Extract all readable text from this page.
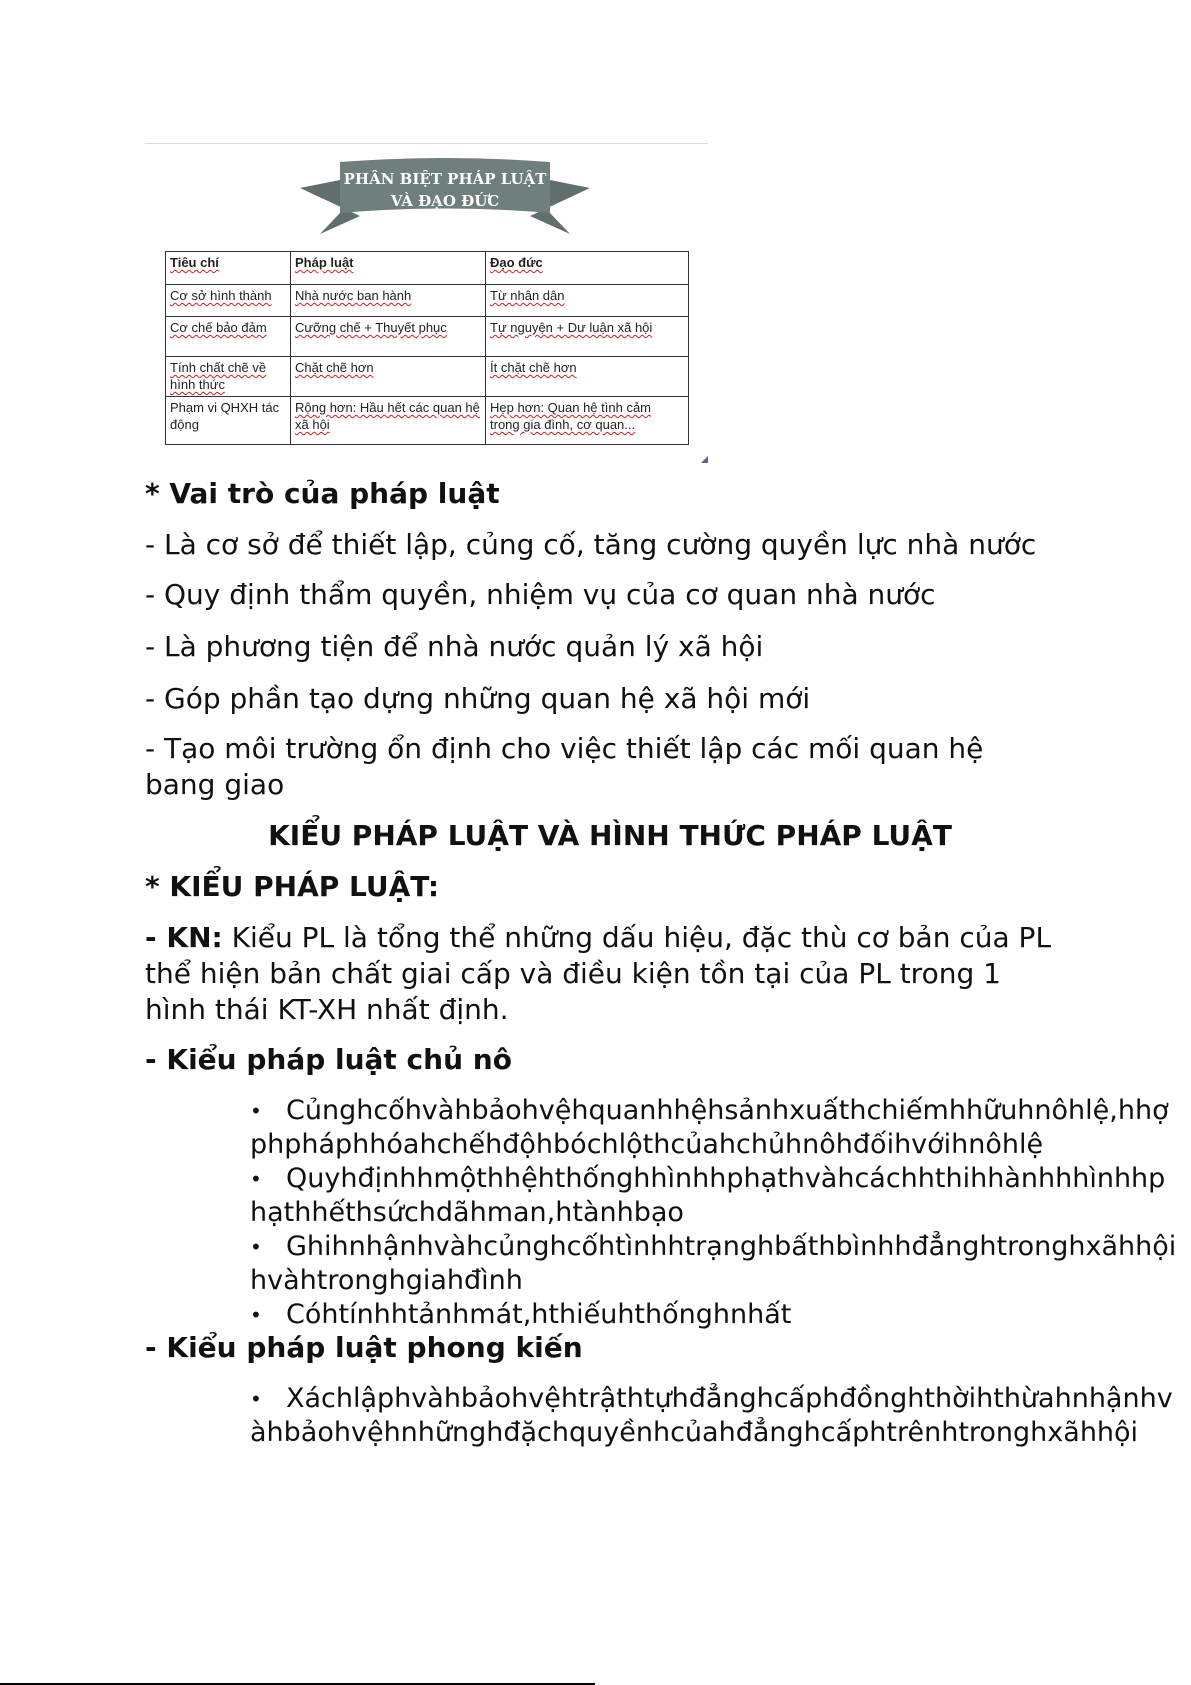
PHÂN BIỆT PHÁP LUẬT
VÀ ĐẠO ĐỨC
Tiêu chí	Pháp luật	Đạo đức
Cơ sở hình thành	Nhà nước ban hành	Từ nhân dân
Cơ chế bảo đảm	Cưỡng chế + Thuyết phục	Tự nguyện + Dư luận xã hội
Tính chất chẽ về hình thức	Chặt chẽ hơn	Ít chặt chẽ hơn
Phạm vi QHXH tác động	Rộng hơn: Hầu hết các quan hệ xã hội	Hẹp hơn: Quan hệ tình cảm trong gia đình, cơ quan...

* Vai trò của pháp luật

- Là cơ sở để thiết lập, củng cố, tăng cường quyền lực nhà nước

- Quy định thẩm quyền, nhiệm vụ của cơ quan nhà nước

- Là phương tiện để nhà nước quản lý xã hội

- Góp phần tạo dựng những quan hệ xã hội mới

- Tạo môi trường ổn định cho việc thiết lập các mối quan hệ bang giao

KIỂU PHÁP LUẬT VÀ HÌNH THỨC PHÁP LUẬT

* KIỂU PHÁP LUẬT:

- KN: Kiểu PL là tổng thể những dấu hiệu, đặc thù cơ bản của PL thể hiện bản chất giai cấp và điều kiện tồn tại của PL trong 1 hình thái KT-XH nhất định.

- Kiểu pháp luật chủ nô

• Củnghcốhvàhbảohvệhquanhhệhsảnhxuấthchiếmhhữuhnôhlệ,hhợphpháphhóahchếhđộhbóchlộthcủahchủhnôhđốihvớihnôhlệ
• Quyhđịnhhmộthhệhthốnghhìnhhphạthvàhcáchhthihhànhhhìnhhphạthhếthsứchdãhman,htànhbạo
• Ghihnhậnhvàhcủnghcốhtìnhhtrạnghbấthbìnhhđẳnghtronghxãhhộihvàhtronghgiahđình
• Cóhtínhhtảnhmát,hthiếuhthốnghnhất

- Kiểu pháp luật phong kiến

• Xáchlậphvàhbảohvệhtrậthtựhđẳnghcấphđồnghthờihthừahnhậnhvàhbảohvệhnhữnghđặchquyềnhcủahđẳnghcấphtrênhtronghxãhhội
